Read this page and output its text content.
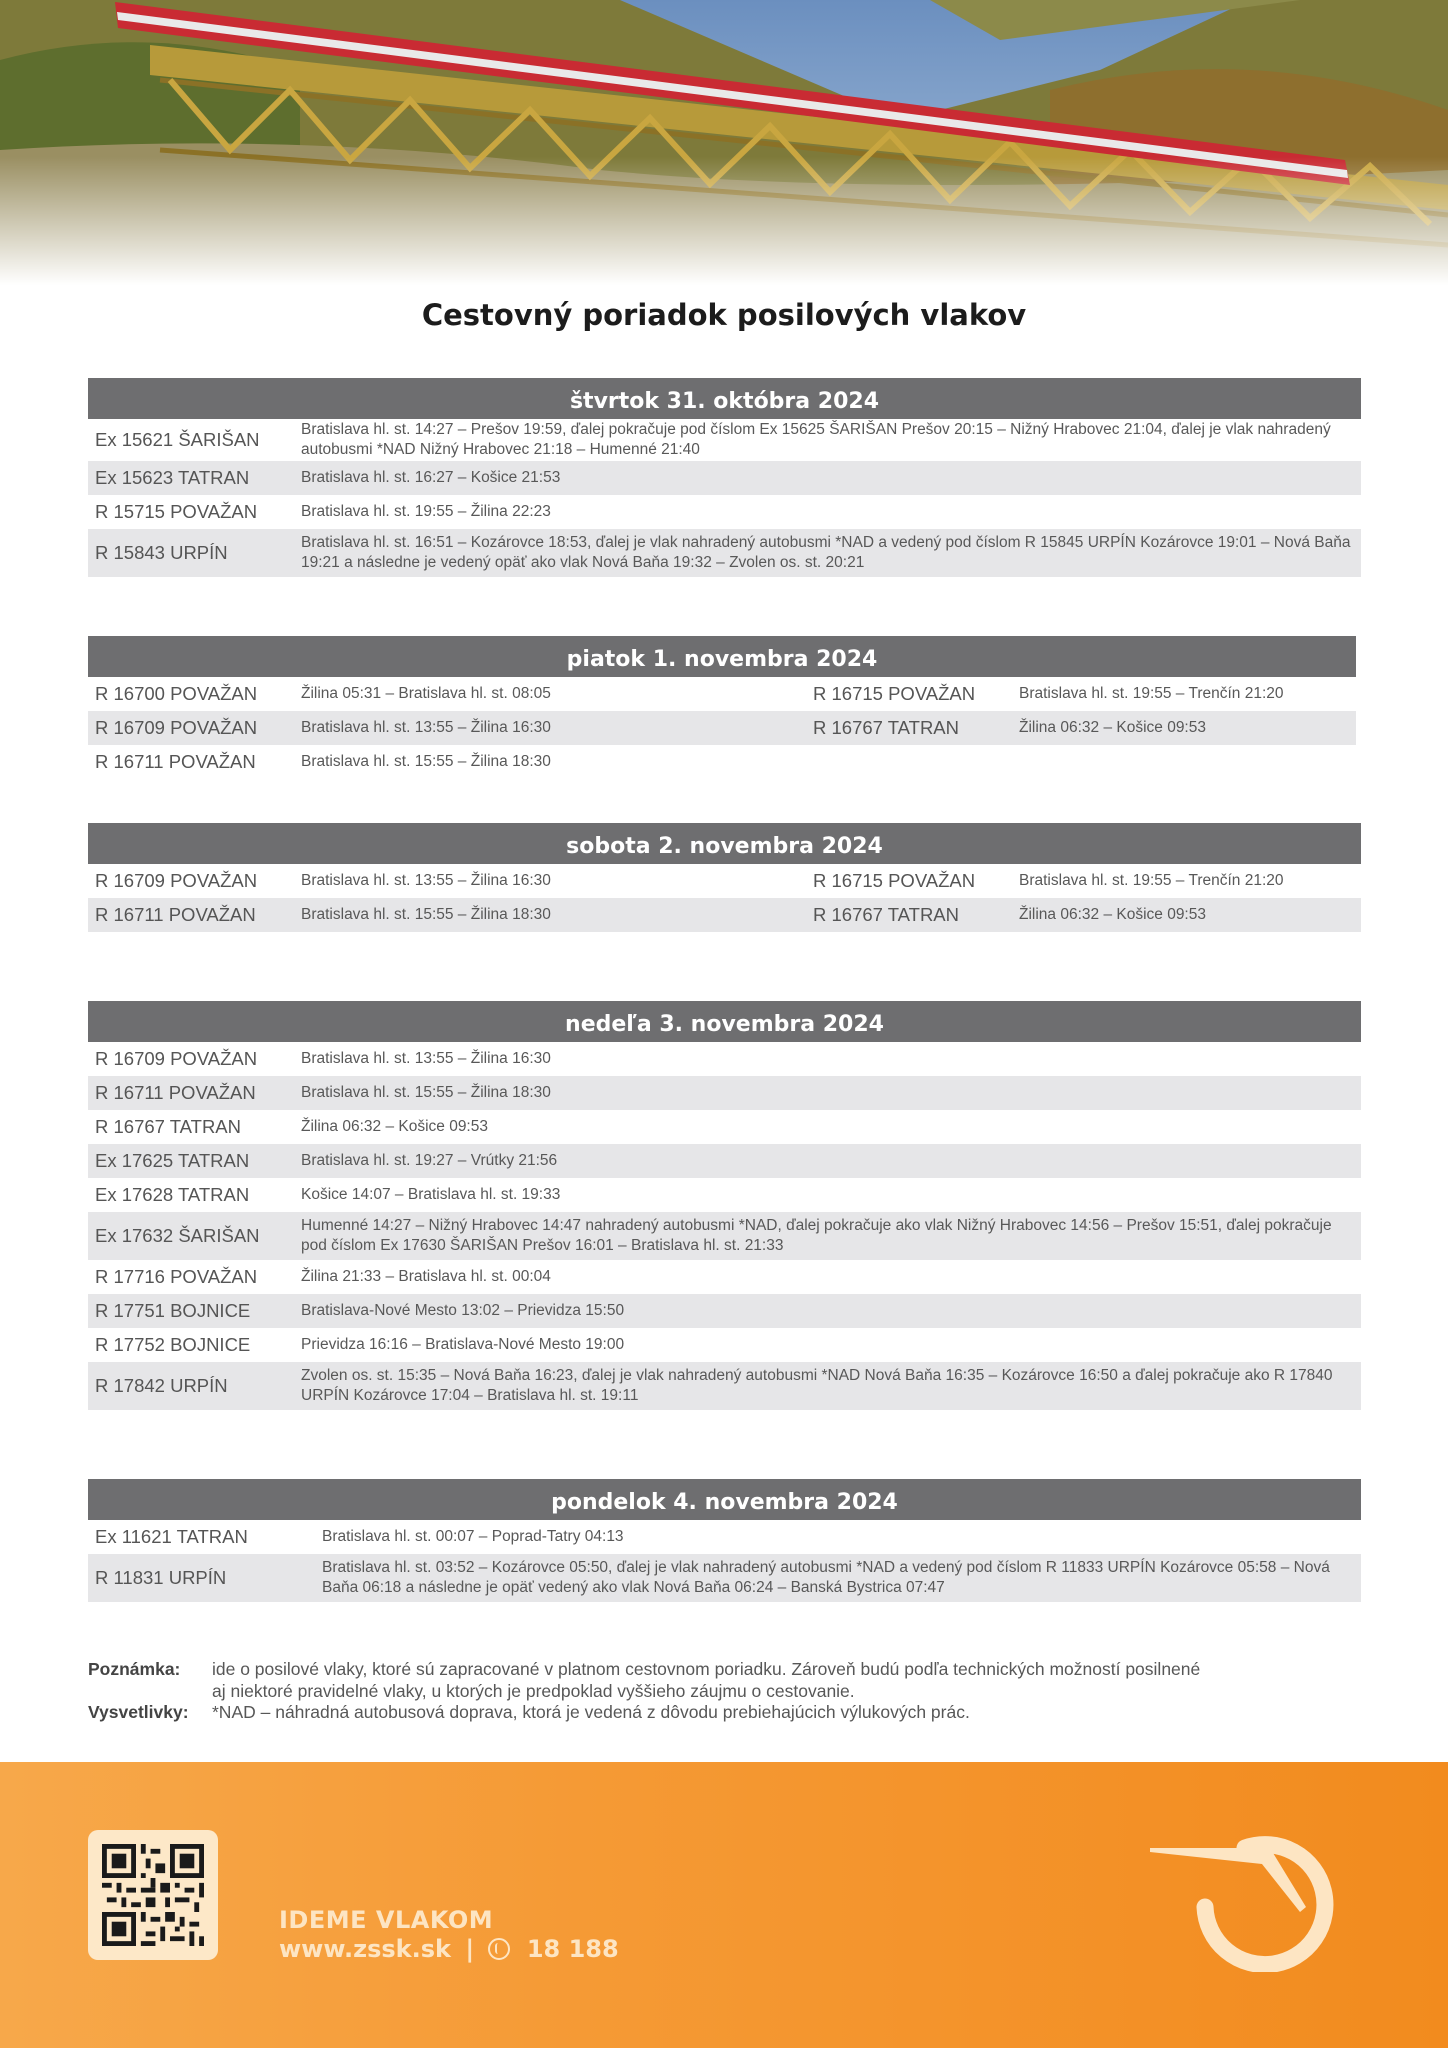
Cestovný poriadok posilových vlakov
štvrtok 31. októbra 2024
Ex 15621 ŠARIŠAN	Bratislava hl. st. 14:27 – Prešov 19:59, ďalej pokračuje pod číslom Ex 15625 ŠARIŠAN Prešov 20:15 – Nižný Hrabovec 21:04, ďalej je vlak nahradený autobusmi *NAD Nižný Hrabovec 21:18 – Humenné 21:40
Ex 15623 TATRAN	Bratislava hl. st. 16:27 – Košice 21:53
R 15715 POVAŽAN	Bratislava hl. st. 19:55 – Žilina 22:23
R 15843 URPÍN	Bratislava hl. st. 16:51 – Kozárovce 18:53, ďalej je vlak nahradený autobusmi *NAD a vedený pod číslom R 15845 URPÍN Kozárovce 19:01 – Nová Baňa 19:21 a následne je vedený opäť ako vlak Nová Baňa 19:32 – Zvolen os. st. 20:21
piatok 1. novembra 2024
R 16700 POVAŽAN	Žilina 05:31 – Bratislava hl. st. 08:05
R 16709 POVAŽAN	Bratislava hl. st. 13:55 – Žilina 16:30
R 16711 POVAŽAN	Bratislava hl. st. 15:55 – Žilina 18:30
R 16715 POVAŽAN	Bratislava hl. st. 19:55 – Trenčín 21:20
R 16767 TATRAN	Žilina 06:32 – Košice 09:53
sobota 2. novembra 2024
R 16709 POVAŽAN	Bratislava hl. st. 13:55 – Žilina 16:30
R 16711 POVAŽAN	Bratislava hl. st. 15:55 – Žilina 18:30
R 16715 POVAŽAN	Bratislava hl. st. 19:55 – Trenčín 21:20
R 16767 TATRAN	Žilina 06:32 – Košice 09:53
nedeľa 3. novembra 2024
R 16709 POVAŽAN	Bratislava hl. st. 13:55 – Žilina 16:30
R 16711 POVAŽAN	Bratislava hl. st. 15:55 – Žilina 18:30
R 16767 TATRAN	Žilina 06:32 – Košice 09:53
Ex 17625 TATRAN	Bratislava hl. st. 19:27 – Vrútky 21:56
Ex 17628 TATRAN	Košice 14:07 – Bratislava hl. st. 19:33
Ex 17632 ŠARIŠAN	Humenné 14:27 – Nižný Hrabovec 14:47 nahradený autobusmi *NAD, ďalej pokračuje ako vlak Nižný Hrabovec 14:56 – Prešov 15:51, ďalej pokračuje pod číslom Ex 17630 ŠARIŠAN Prešov 16:01 – Bratislava hl. st. 21:33
R 17716 POVAŽAN	Žilina 21:33 – Bratislava hl. st. 00:04
R 17751 BOJNICE	Bratislava-Nové Mesto 13:02 – Prievidza 15:50
R 17752 BOJNICE	Prievidza 16:16 – Bratislava-Nové Mesto 19:00
R 17842 URPÍN	Zvolen os. st. 15:35 – Nová Baňa 16:23, ďalej je vlak nahradený autobusmi *NAD Nová Baňa 16:35 – Kozárovce 16:50 a ďalej pokračuje ako R 17840 URPÍN Kozárovce 17:04 – Bratislava hl. st. 19:11
pondelok 4. novembra 2024
Ex 11621 TATRAN	Bratislava hl. st. 00:07 – Poprad-Tatry 04:13
R 11831 URPÍN	Bratislava hl. st. 03:52 – Kozárovce 05:50, ďalej je vlak nahradený autobusmi *NAD a vedený pod číslom R 11833 URPÍN Kozárovce 05:58 – Nová Baňa 06:18 a následne je opäť vedený ako vlak Nová Baňa 06:24 – Banská Bystrica 07:47
Poznámka:	ide o posilové vlaky, ktoré sú zapracované v platnom cestovnom poriadku. Zároveň budú podľa technických možností posilnené aj niektoré pravidelné vlaky, u ktorých je predpoklad vyššieho záujmu o cestovanie.
Vysvetlivky:	*NAD – náhradná autobusová doprava, ktorá je vedená z dôvodu prebiehajúcich výlukových prác.
IDEME VLAKOM
www.zssk.sk | 18 188
